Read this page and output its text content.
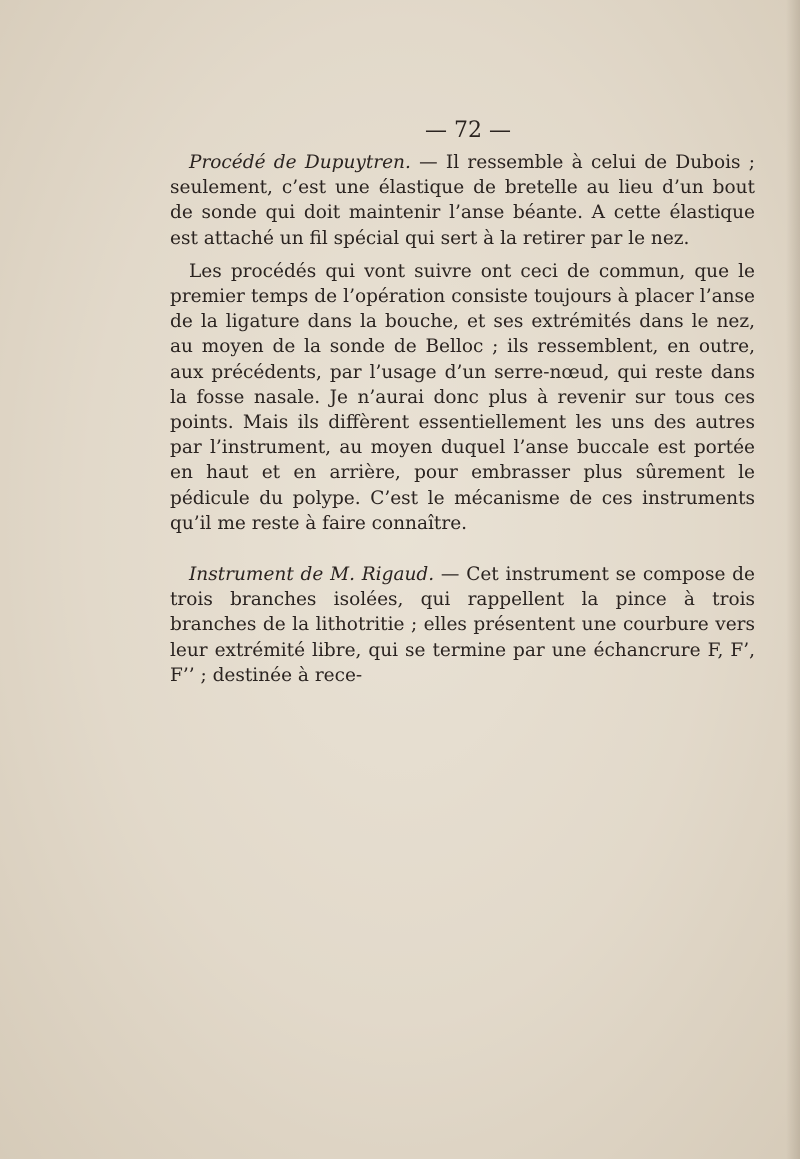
— 72 —

Procédé de Dupuytren. — Il ressemble à celui de Dubois ; seulement, c’est une élastique de bretelle au lieu d’un bout de sonde qui doit maintenir l’anse béante. A cette élastique est attaché un fil spécial qui sert à la retirer par le nez.

Les procédés qui vont suivre ont ceci de commun, que le premier temps de l’opération consiste toujours à placer l’anse de la ligature dans la bouche, et ses extrémités dans le nez, au moyen de la sonde de Belloc ; ils ressemblent, en outre, aux précédents, par l’usage d’un serre-nœud, qui reste dans la fosse nasale. Je n’aurai donc plus à revenir sur tous ces points. Mais ils diffèrent essentiellement les uns des autres par l’instrument, au moyen duquel l’anse buccale est portée en haut et en arrière, pour embrasser plus sûrement le pédicule du polype. C’est le mécanisme de ces instruments qu’il me reste à faire connaître.

Instrument de M. Rigaud. — Cet instrument se compose de trois branches isolées, qui rappellent la pince à trois branches de la lithotritie ; elles présentent une courbure vers leur extrémité libre, qui se termine par une échancrure F, F’, F’’ ; destinée à rece-
